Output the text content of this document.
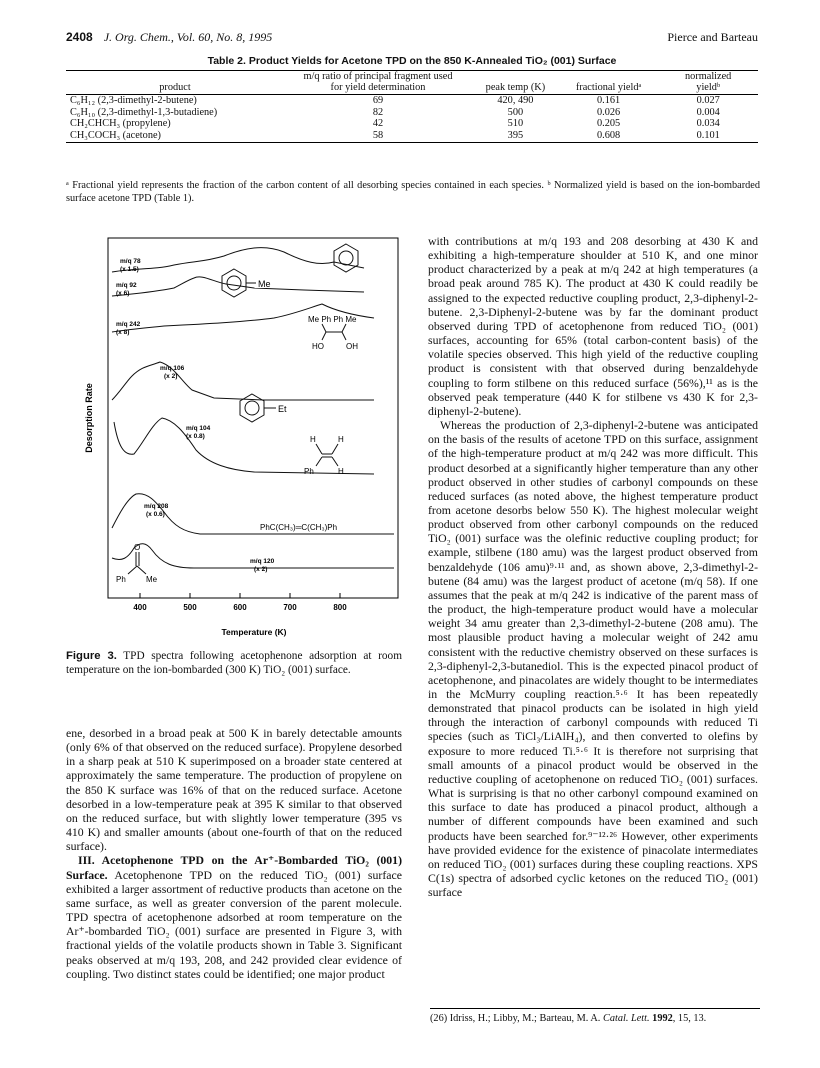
2408 J. Org. Chem., Vol. 60, No. 8, 1995	Pierce and Barteau
Table 2. Product Yields for Acetone TPD on the 850 K-Annealed TiO₂ (001) Surface
product	m/q ratio of principal fragment used for yield determination	peak temp (K)	fractional yieldᵃ	normalized yieldᵇ
C₆H₁₂ (2,3-dimethyl-2-butene)	69	420, 490	0.161	0.027
C₆H₁₀ (2,3-dimethyl-1,3-butadiene)	82	500	0.026	0.004
CH₂CHCH₃ (propylene)	42	510	0.205	0.034
CH₃COCH₃ (acetone)	58	395	0.608	0.101
ᵃ Fractional yield represents the fraction of the carbon content of all desorbing species contained in each species. ᵇ Normalized yield is based on the ion-bombarded surface acetone TPD (Table 1).
Desorption Rate
400	500	600	700	800
Temperature (K)
m/q 78
(x 1.5)
m/q 92
(x 6)
m/q 242
(x 8)
m/q 106
(x 2)
m/q 104
(x 0.8)
m/q 208
(x 0.6)
m/q 120
(x 2)
Me
Me Ph Ph Me
HO	OH
Et
H	H
Ph	H
PhC(CH₃)═C(CH₃)Ph
O
Ph	Me
Figure 3. TPD spectra following acetophenone adsorption at room temperature on the ion-bombarded (300 K) TiO₂ (001) surface.

ene, desorbed in a broad peak at 500 K in barely detectable amounts (only 6% of that observed on the reduced surface). Propylene desorbed in a sharp peak at 510 K superimposed on a broader state centered at approximately the same temperature. The production of propylene on the 850 K surface was 16% of that on the reduced surface. Acetone desorbed in a low-temperature peak at 395 K similar to that observed on the reduced surface, but with slightly lower temperature (395 vs 410 K) and smaller amounts (about one-fourth of that on the reduced surface).

III. Acetophenone TPD on the Ar⁺-Bombarded TiO₂ (001) Surface. Acetophenone TPD on the reduced TiO₂ (001) surface exhibited a larger assortment of reductive products than acetone on the same surface, as well as greater conversion of the parent molecule. TPD spectra of acetophenone adsorbed at room temperature on the Ar⁺-bombarded TiO₂ (001) surface are presented in Figure 3, with fractional yields of the volatile products shown in Table 3. Significant peaks observed at m/q 193, 208, and 242 provided clear evidence of coupling. Two distinct states could be identified; one major product

with contributions at m/q 193 and 208 desorbing at 430 K and exhibiting a high-temperature shoulder at 510 K, and one minor product characterized by a peak at m/q 242 at high temperatures (a broad peak around 785 K). The product at 430 K could readily be assigned to the expected reductive coupling product, 2,3-diphenyl-2-butene. 2,3-Diphenyl-2-butene was by far the dominant product observed during TPD of acetophenone from reduced TiO₂ (001) surfaces, accounting for 65% (total carbon-content basis) of the volatile species observed. This high yield of the reductive coupling product is consistent with that observed during benzaldehyde coupling to form stilbene on this reduced surface (56%),¹¹ as is the observed peak temperature (440 K for stilbene vs 430 K for 2,3-diphenyl-2-butene).

Whereas the production of 2,3-diphenyl-2-butene was anticipated on the basis of the results of acetone TPD on this surface, assignment of the high-temperature product at m/q 242 was more difficult. This product desorbed at a significantly higher temperature than any other product observed in other studies of carbonyl compounds on these reduced surfaces (as noted above, the highest temperature product from acetone desorbs below 550 K). The highest molecular weight product observed from other carbonyl compounds on the reduced TiO₂ (001) surface was the olefinic reductive coupling product; for example, stilbene (180 amu) was the largest product observed from benzaldehyde (106 amu)⁹·¹¹ and, as shown above, 2,3-dimethyl-2-butene (84 amu) was the largest product of acetone (m/q 58). If one assumes that the peak at m/q 242 is indicative of the parent mass of the product, the high-temperature product would have a molecular weight 34 amu greater than 2,3-dimethyl-2-butene (208 amu). The most plausible product having a molecular weight of 242 amu consistent with the reductive chemistry observed on these surfaces is 2,3-diphenyl-2,3-butanediol. This is the expected pinacol product of acetophenone, and pinacolates are widely thought to be intermediates in the McMurry coupling reaction.⁵·⁶ It has been repeatedly demonstrated that pinacol products can be isolated in high yield through the interaction of carbonyl compounds with reduced Ti species (such as TiCl₃/LiAlH₄), and then converted to olefins by exposure to more reduced Ti.⁵·⁶ It is therefore not surprising that small amounts of a pinacol product would be observed in the reductive coupling of acetophenone on reduced TiO₂ (001) surfaces. What is surprising is that no other carbonyl compound examined on this surface to date has produced a pinacol product, although a number of different compounds have been examined and such products have been searched for.⁹⁻¹²·²⁶ However, other experiments have provided evidence for the existence of pinacolate intermediates on reduced TiO₂ (001) surfaces during these coupling reactions. XPS C(1s) spectra of adsorbed cyclic ketones on the reduced TiO₂ (001) surface

(26) Idriss, H.; Libby, M.; Barteau, M. A. Catal. Lett. 1992, 15, 13.
